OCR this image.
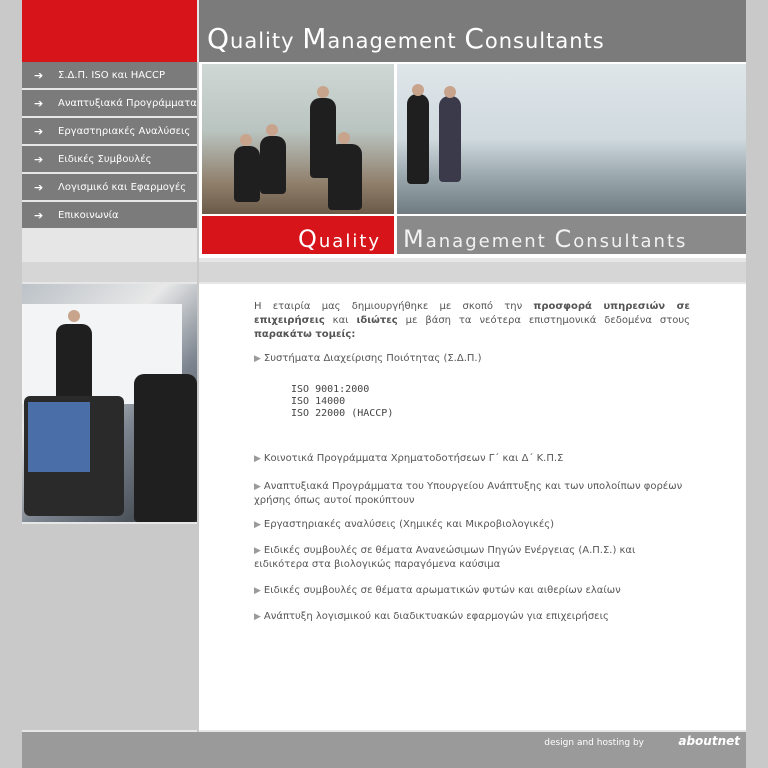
Quality Management Consultants
➔	Σ.Δ.Π. ISO και HACCP
➔	Αναπτυξιακά Προγράμματα
➔	Εργαστηριακές Αναλύσεις
➔	Ειδικές Συμβουλές
➔	Λογισμικό και Εφαρμογές
➔	Επικοινωνία
Quality Management Consultants
Η εταιρία μας δημιουργήθηκε με σκοπό την προσφορά υπηρεσιών σε επιχειρήσεις και ιδιώτες με βάση τα νεότερα επιστημονικά δεδομένα στους παρακάτω τομείς:
▶ Συστήματα Διαχείρισης Ποιότητας (Σ.Δ.Π.)
ISO 9001:2000
ISO 14000
ISO 22000 (HACCP)
▶ Κοινοτικά Προγράμματα Χρηματοδοτήσεων Γ΄ και Δ΄ Κ.Π.Σ
▶ Αναπτυξιακά Προγράμματα του Υπουργείου Ανάπτυξης και των υπολοίπων φορέων χρήσης όπως αυτοί προκύπτουν
▶ Εργαστηριακές αναλύσεις (Χημικές και Μικροβιολογικές)
▶ Ειδικές συμβουλές σε θέματα Ανανεώσιμων Πηγών Ενέργειας (Α.Π.Σ.) και ειδικότερα στα βιολογικώς παραγόμενα καύσιμα
▶ Ειδικές συμβουλές σε θέματα αρωματικών φυτών και αιθερίων ελαίων
▶ Ανάπτυξη λογισμικού και διαδικτυακών εφαρμογών για επιχειρήσεις
design and hosting by	aboutnet
